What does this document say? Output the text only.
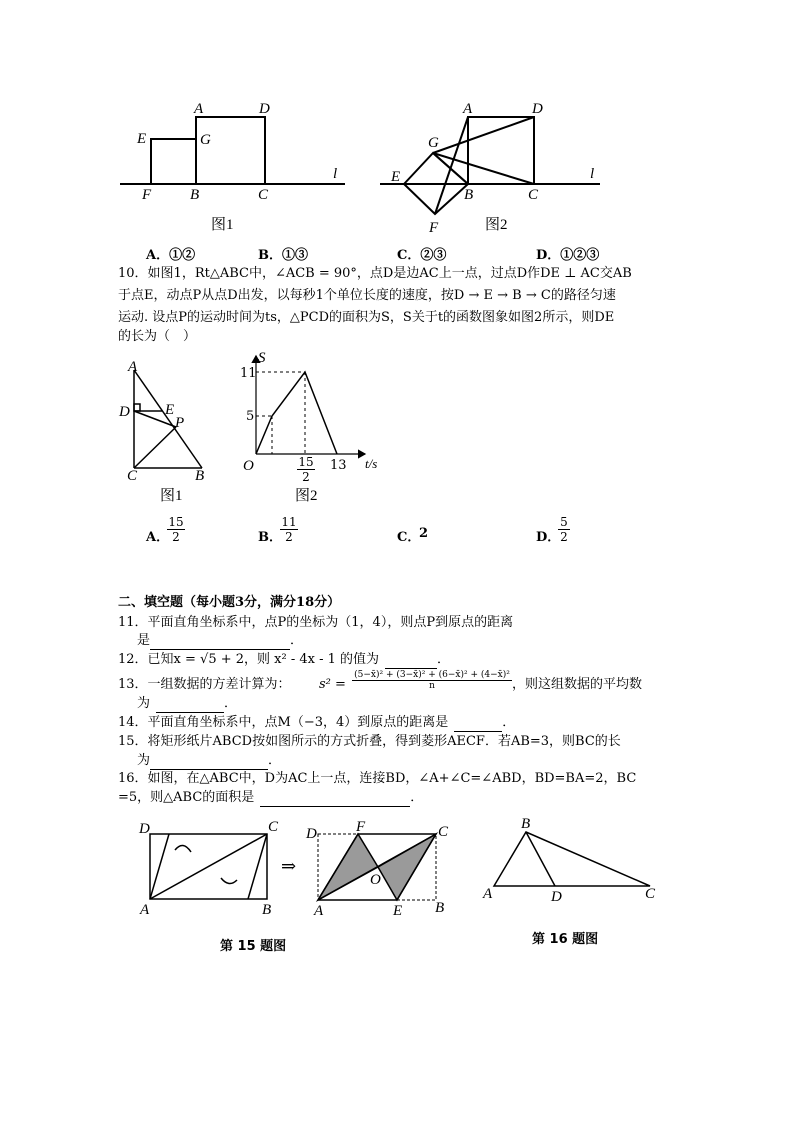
A	D
E	G
F	B	C
l
图1
A	D
G
E
B	C
F
l
图2
A．①②	B．①③	C．②③	D．①②③
10．如图1，Rt△ABC中，∠ACB = 90°，点D是边AC上一点，过点D作DE ⊥ AC交AB
于点E，动点P从点D出发，以每秒1个单位长度的速度，按D → E → B → C的路径匀速
运动. 设点P的运动时间为ts，△PCD的面积为S，S关于t的函数图象如图2所示，则DE
的长为（　）
A
D E
P
C	B
图1
S
O
11
5
13
$\frac{15}{2}$	t/s
图2
A．
$\frac{15}{2}$	B．
$\frac{11}{2}$	C．
2	D．
$\frac{5}{2}$
二、填空题（每小题3分，满分18分）
11．平面直角坐标系中，点P的坐标为（1，4），则点P到原点的距离
是	．
12．已知x = √5 + 2，则 x² - 4x - 1 的值为	．
13．一组数据的方差计算为： $s^2 = \frac{\text{(5−x̄)² + (3−x̄)² + (6−x̄)² + (4−x̄)²}}{n}$ ，则这组数据的平均数
为	．
14．平面直角坐标系中，点M（−3，4）到原点的距离是	．
15．将矩形纸片ABCD按如图所示的方式折叠，得到菱形AECF．若AB=3，则BC的长
为	．
16．如图，在△ABC中，D为AC上一点，连接BD，∠A+∠C=∠ABD，BD=BA=2，BC
=5，则△ABC的面积是	．
D	C
A	B
⇒
D	F	C
O
A	E B
第 15 题图
B
A	D	C
第 16 题图
